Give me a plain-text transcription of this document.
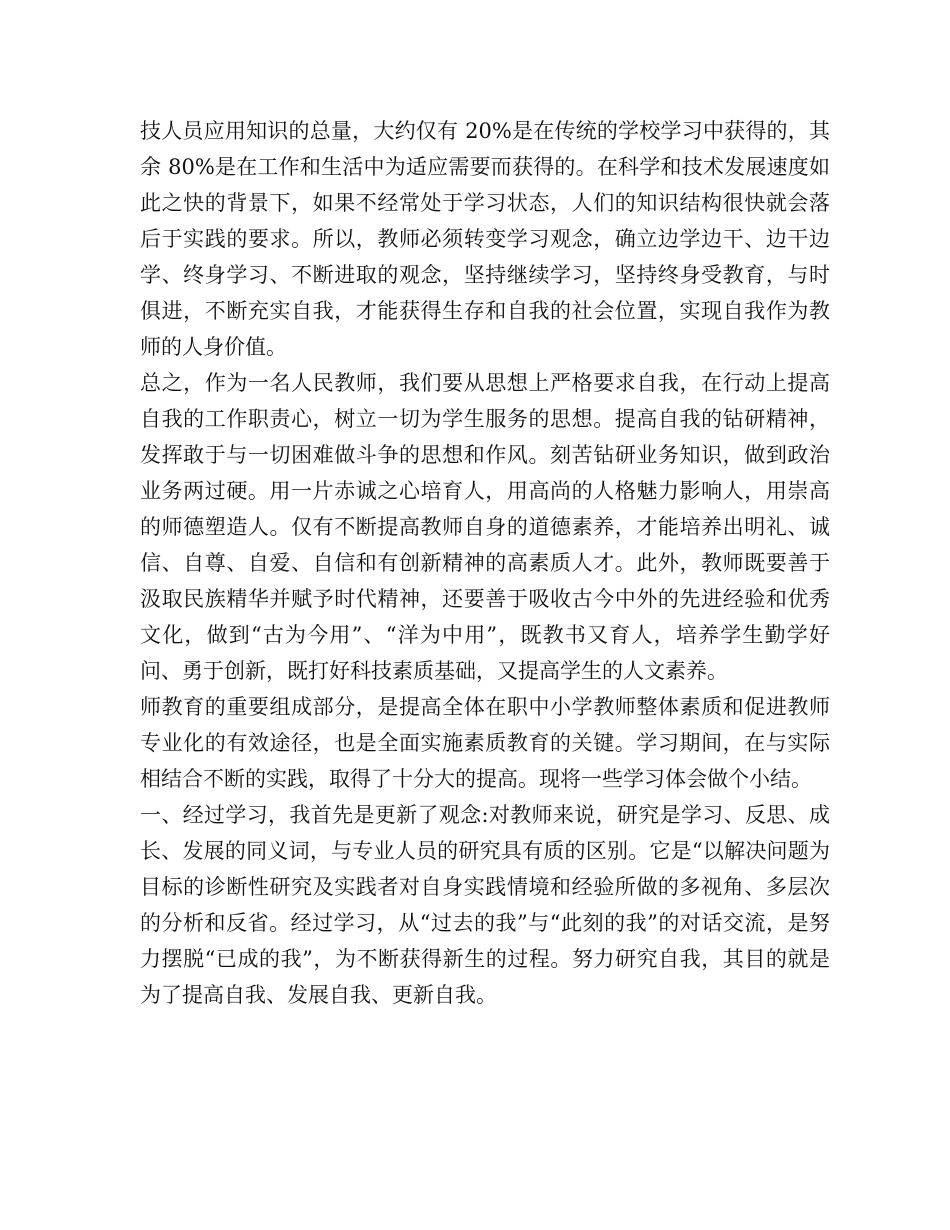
技人员应用知识的总量，大约仅有 20%是在传统的学校学习中获得的，其余 80%是在工作和生活中为适应需要而获得的。在科学和技术发展速度如此之快的背景下，如果不经常处于学习状态，人们的知识结构很快就会落后于实践的要求。所以，教师必须转变学习观念，确立边学边干、边干边学、终身学习、不断进取的观念，坚持继续学习，坚持终身受教育，与时俱进，不断充实自我，才能获得生存和自我的社会位置，实现自我作为教师的人身价值。

总之，作为一名人民教师，我们要从思想上严格要求自我，在行动上提高自我的工作职责心，树立一切为学生服务的思想。提高自我的钻研精神，发挥敢于与一切困难做斗争的思想和作风。刻苦钻研业务知识，做到政治业务两过硬。用一片赤诚之心培育人，用高尚的人格魅力影响人，用崇高的师德塑造人。仅有不断提高教师自身的道德素养，才能培养出明礼、诚信、自尊、自爱、自信和有创新精神的高素质人才。此外，教师既要善于汲取民族精华并赋予时代精神，还要善于吸收古今中外的先进经验和优秀文化，做到“古为今用”、“洋为中用”，既教书又育人，培养学生勤学好问、勇于创新，既打好科技素质基础，又提高学生的人文素养。

师教育的重要组成部分，是提高全体在职中小学教师整体素质和促进教师专业化的有效途径，也是全面实施素质教育的关键。学习期间，在与实际相结合不断的实践，取得了十分大的提高。现将一些学习体会做个小结。

一、经过学习，我首先是更新了观念:对教师来说，研究是学习、反思、成长、发展的同义词，与专业人员的研究具有质的区别。它是“以解决问题为目标的诊断性研究及实践者对自身实践情境和经验所做的多视角、多层次的分析和反省。经过学习，从“过去的我”与“此刻的我”的对话交流，是努力摆脱“已成的我”，为不断获得新生的过程。努力研究自我，其目的就是为了提高自我、发展自我、更新自我。
